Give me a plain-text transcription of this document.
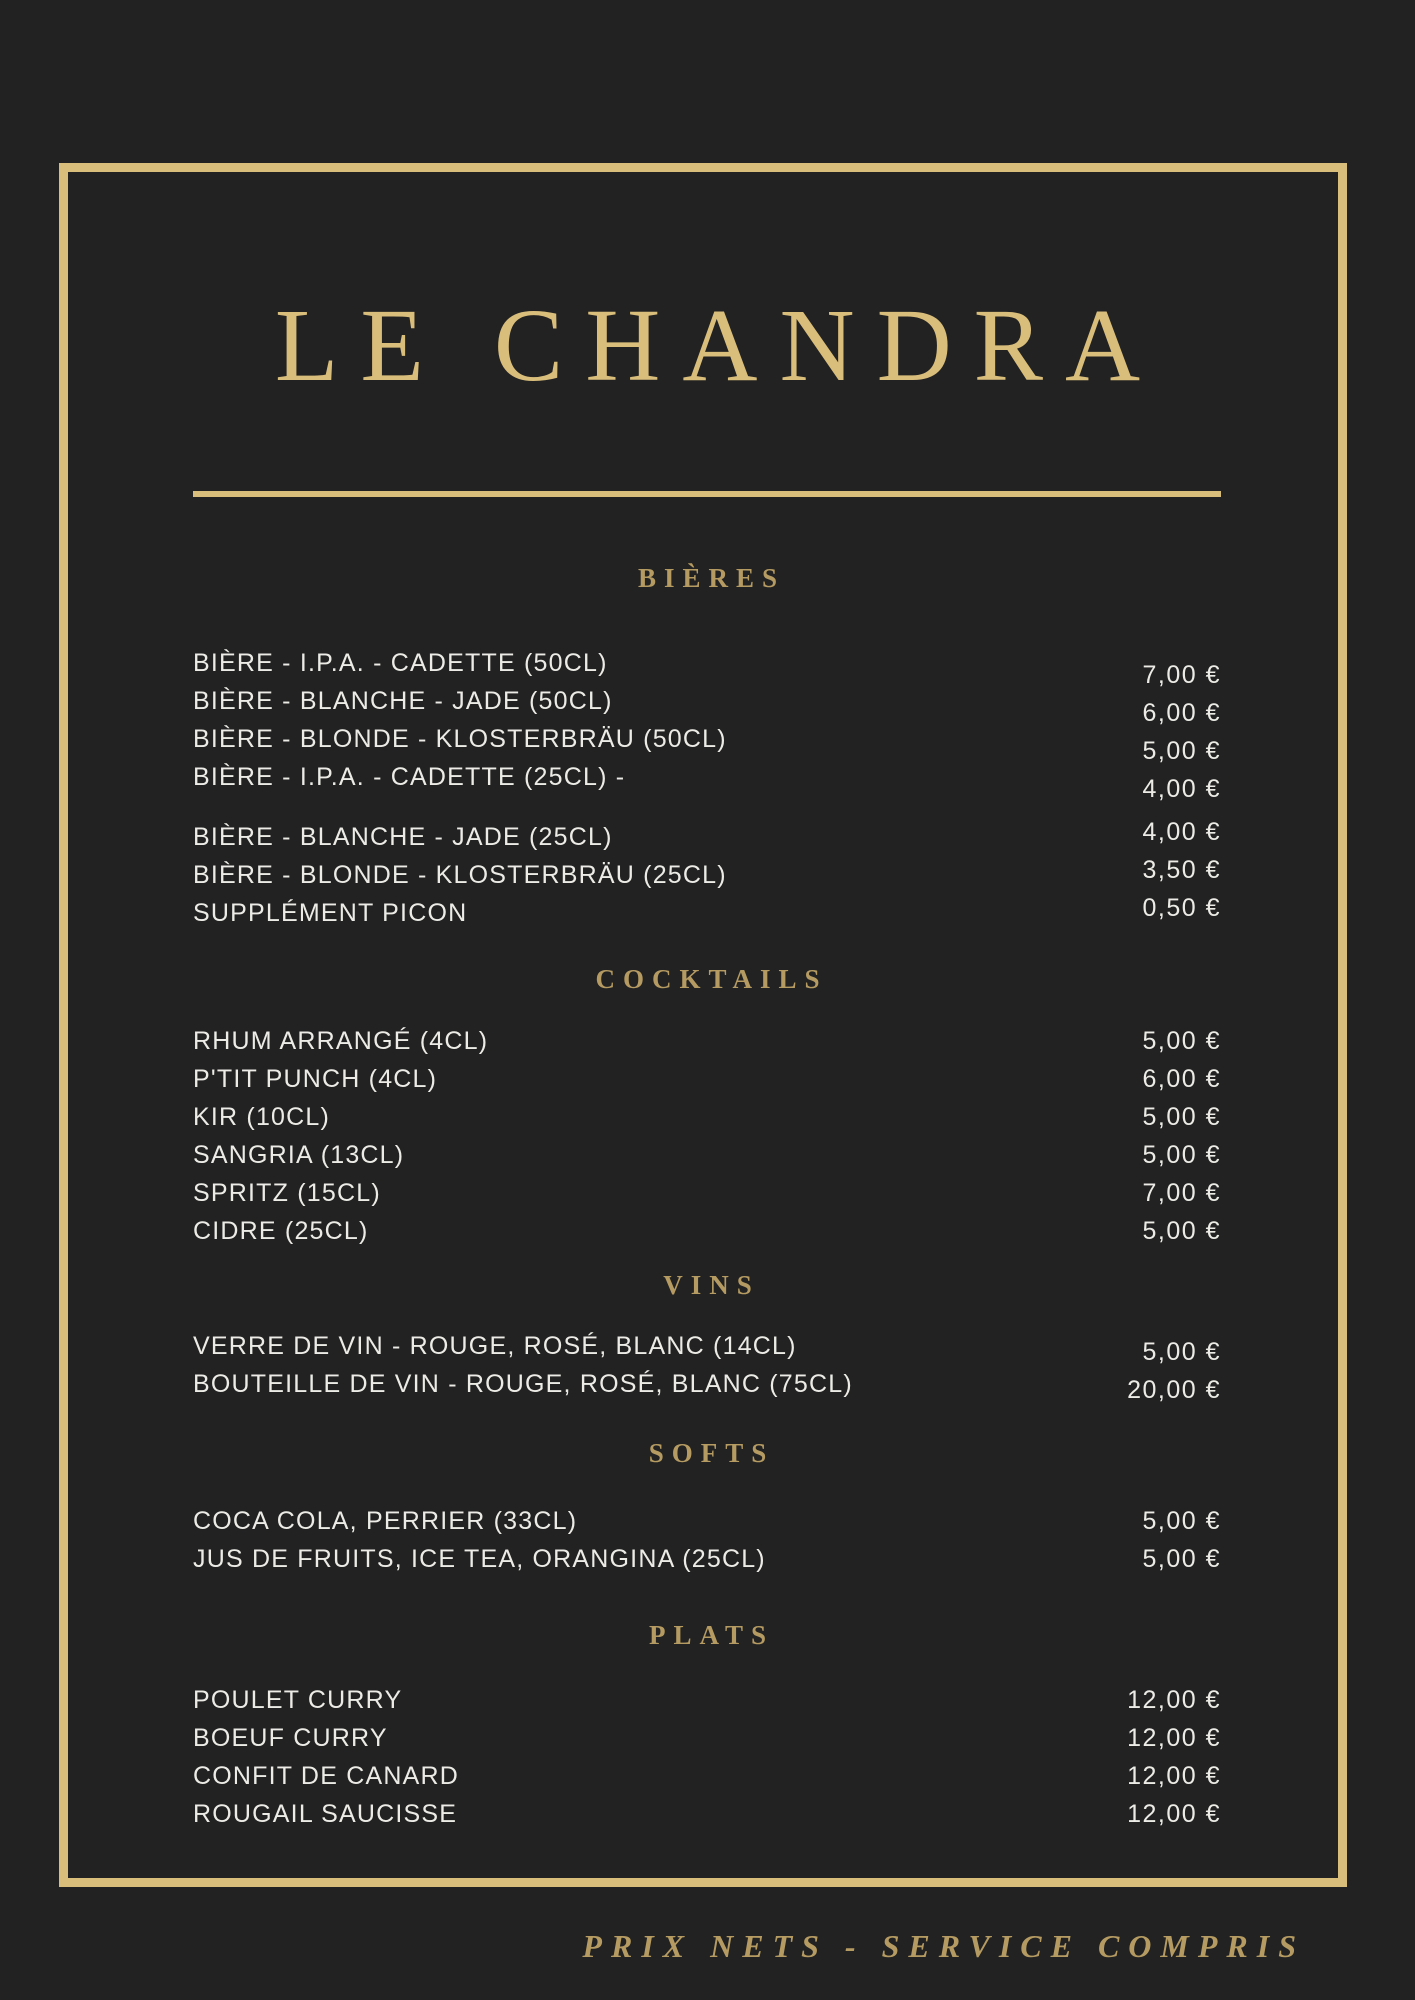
LE CHANDRA
BIÈRES
BIÈRE - I.P.A. - CADETTE (50CL)	7,00 €
BIÈRE - BLANCHE - JADE (50CL)	6,00 €
BIÈRE - BLONDE - KLOSTERBRÄU (50CL)	5,00 €
BIÈRE - I.P.A. - CADETTE (25CL) -	4,00 €
BIÈRE - BLANCHE - JADE (25CL)	4,00 €
BIÈRE - BLONDE - KLOSTERBRÄU (25CL)	3,50 €
SUPPLÉMENT PICON	0,50 €
COCKTAILS
RHUM ARRANGÉ (4CL)	5,00 €
P'TIT PUNCH (4CL)	6,00 €
KIR (10CL)	5,00 €
SANGRIA (13CL)	5,00 €
SPRITZ (15CL)	7,00 €
CIDRE (25CL)	5,00 €
VINS
VERRE DE VIN - ROUGE, ROSÉ, BLANC (14CL)	5,00 €
BOUTEILLE DE VIN - ROUGE, ROSÉ, BLANC (75CL)	20,00 €
SOFTS
COCA COLA, PERRIER (33CL)	5,00 €
JUS DE FRUITS, ICE TEA, ORANGINA (25CL)	5,00 €
PLATS
POULET CURRY	12,00 €
BOEUF CURRY	12,00 €
CONFIT DE CANARD	12,00 €
ROUGAIL SAUCISSE	12,00 €
PRIX NETS - SERVICE COMPRIS
